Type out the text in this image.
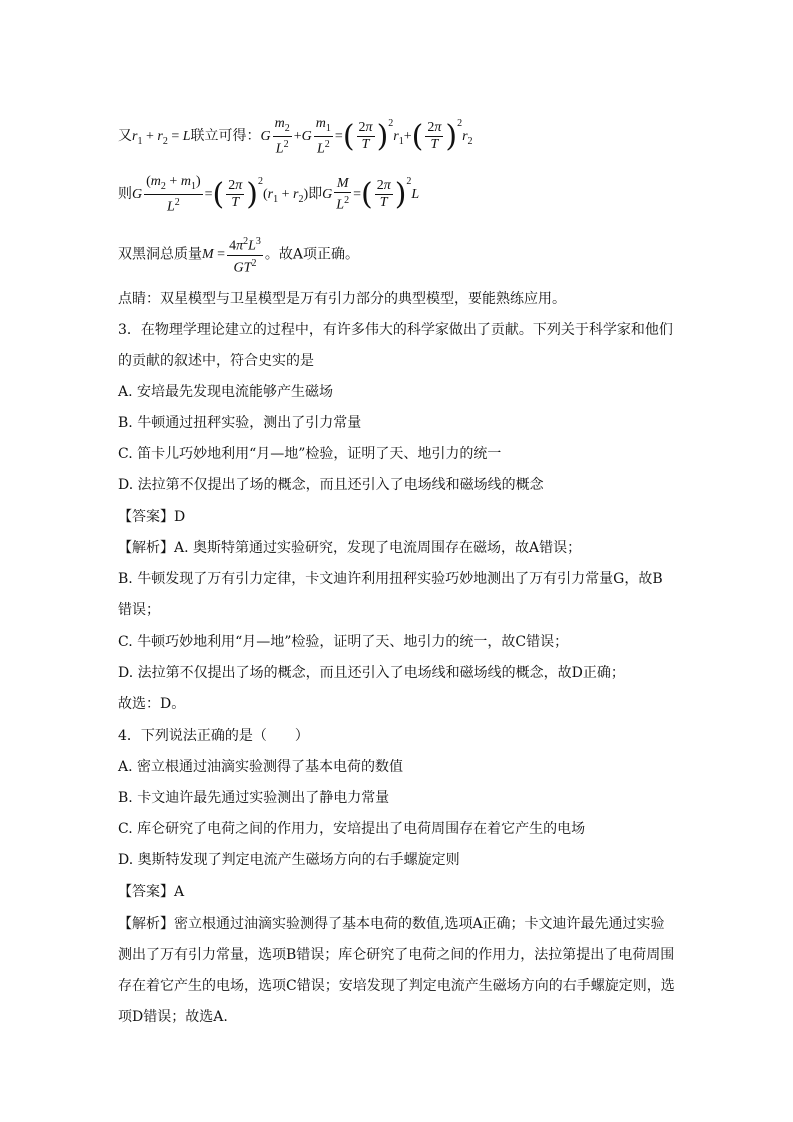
又$r_1 + r_2 = L$联立可得：G $\frac{m_2}{L^2} +G \frac{m_1}{L^2}$ =( $\frac{2\pi}{T} )^2r_1+( \frac{2\pi}{T} )^2r_2$
则G $\frac{(m_2 + m_1)}{L^2}$ =( $\frac{2\pi}{T} )^2(r_1 + r_2)$即G $\frac{M}{L^2}$ =( $\frac{2\pi}{T} )^2L$
双黑洞总质量$M = \frac{4\pi^2L^3}{GT^2}$ 。故A项正确。
点睛：双星模型与卫星模型是万有引力部分的典型模型，要能熟练应用。
3．在物理学理论建立的过程中，有许多伟大的科学家做出了贡献。下列关于科学家和他们
的贡献的叙述中，符合史实的是
A. 安培最先发现电流能够产生磁场
B. 牛顿通过扭秤实验，测出了引力常量
C. 笛卡儿巧妙地利用“月—地”检验，证明了天、地引力的统一
D. 法拉第不仅提出了场的概念，而且还引入了电场线和磁场线的概念
【答案】D
【解析】A. 奥斯特第通过实验研究，发现了电流周围存在磁场，故A错误；
B. 牛顿发现了万有引力定律，卡文迪许利用扭秤实验巧妙地测出了万有引力常量G，故B
错误；
C. 牛顿巧妙地利用“月—地”检验，证明了天、地引力的统一，故C错误；
D. 法拉第不仅提出了场的概念，而且还引入了电场线和磁场线的概念，故D正确；
故选：D。
4．下列说法正确的是（　　）
A. 密立根通过油滴实验测得了基本电荷的数值
B. 卡文迪许最先通过实验测出了静电力常量
C. 库仑研究了电荷之间的作用力，安培提出了电荷周围存在着它产生的电场
D. 奥斯特发现了判定电流产生磁场方向的右手螺旋定则
【答案】A
【解析】密立根通过油滴实验测得了基本电荷的数值,选项A正确；卡文迪许最先通过实验
测出了万有引力常量，选项B错误；库仑研究了电荷之间的作用力，法拉第提出了电荷周围
存在着它产生的电场，选项C错误；安培发现了判定电流产生磁场方向的右手螺旋定则，选
项D错误；故选A.
